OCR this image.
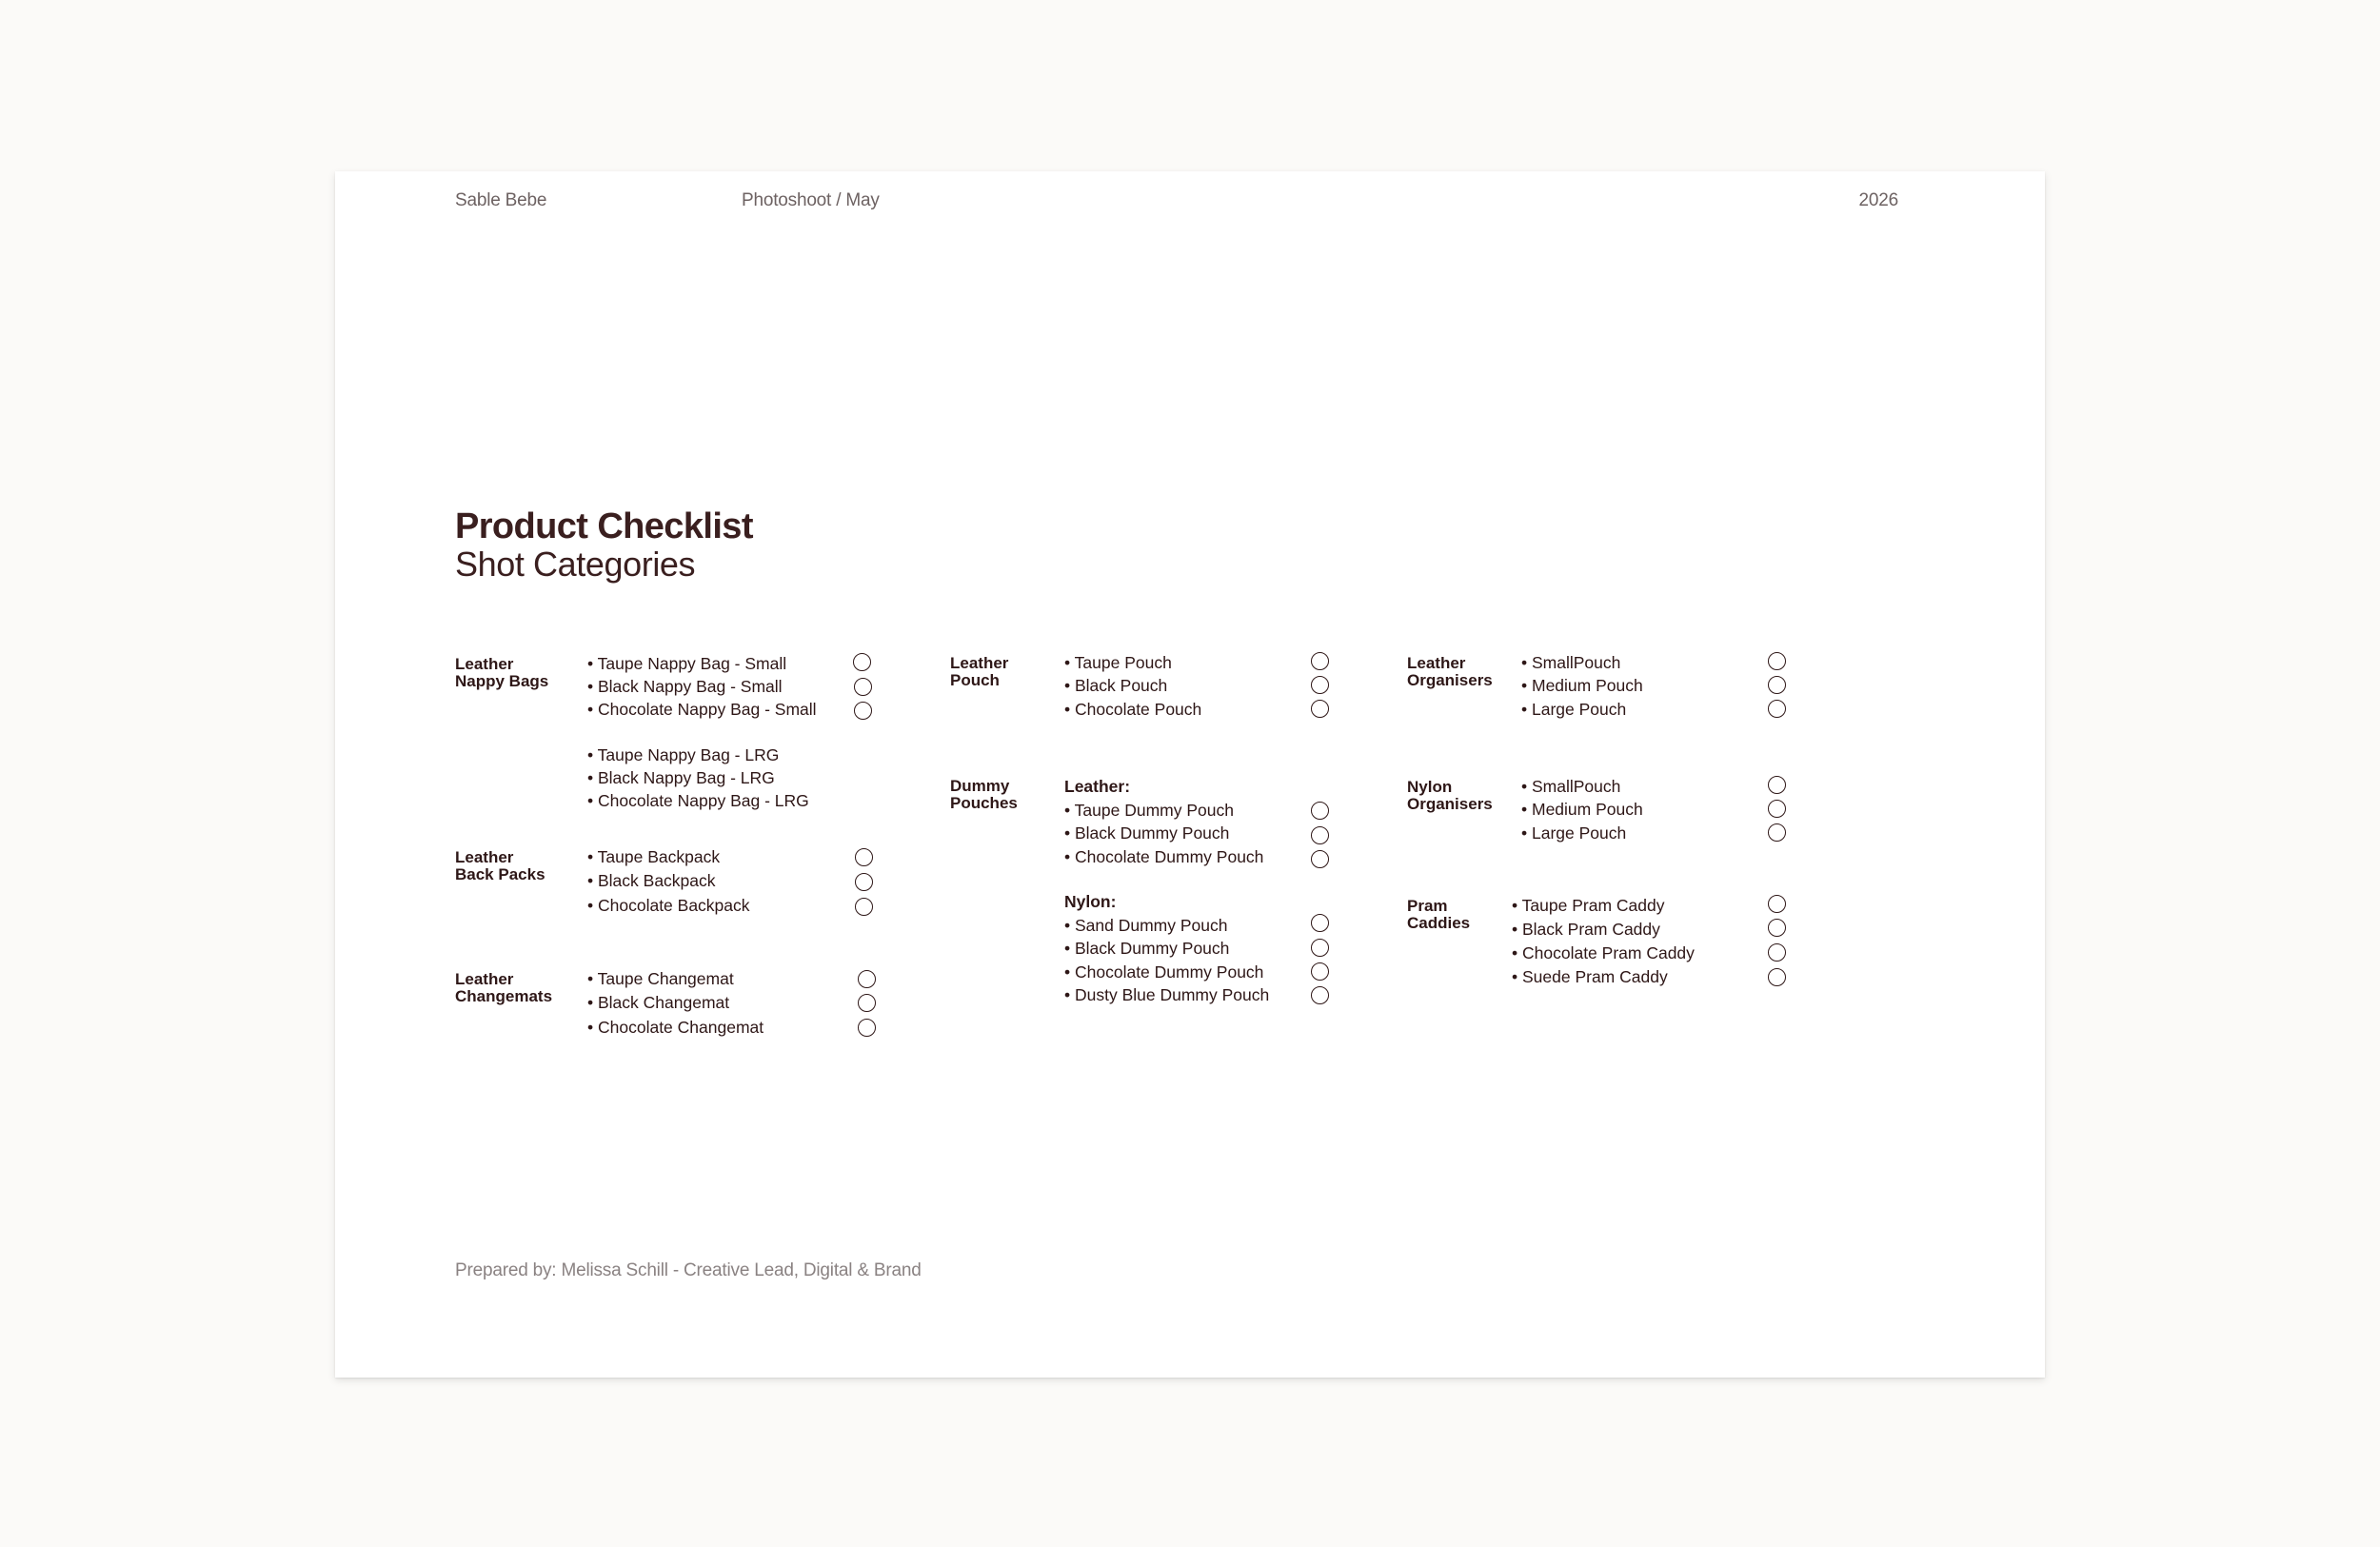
Sable Bebe	Photoshoot / May	2026
Product Checklist
Shot Categories
Leather
Nappy Bags
• Taupe Nappy Bag - Small
• Black Nappy Bag - Small
• Chocolate Nappy Bag - Small
• Taupe Nappy Bag - LRG
• Black Nappy Bag - LRG
• Chocolate Nappy Bag - LRG
Leather
Back Packs
• Taupe Backpack
• Black Backpack
• Chocolate Backpack
Leather
Changemats
• Taupe Changemat
• Black Changemat
• Chocolate Changemat
Leather
Pouch
• Taupe Pouch
• Black Pouch
• Chocolate Pouch
Dummy
Pouches
Leather:
• Taupe Dummy Pouch
• Black Dummy Pouch
• Chocolate Dummy Pouch
Nylon:
• Sand Dummy Pouch
• Black Dummy Pouch
• Chocolate Dummy Pouch
• Dusty Blue Dummy Pouch
Leather
Organisers
• SmallPouch
• Medium Pouch
• Large Pouch
Nylon
Organisers
• SmallPouch
• Medium Pouch
• Large Pouch
Pram
Caddies
• Taupe Pram Caddy
• Black Pram Caddy
• Chocolate Pram Caddy
• Suede Pram Caddy
Prepared by: Melissa Schill - Creative Lead, Digital & Brand
